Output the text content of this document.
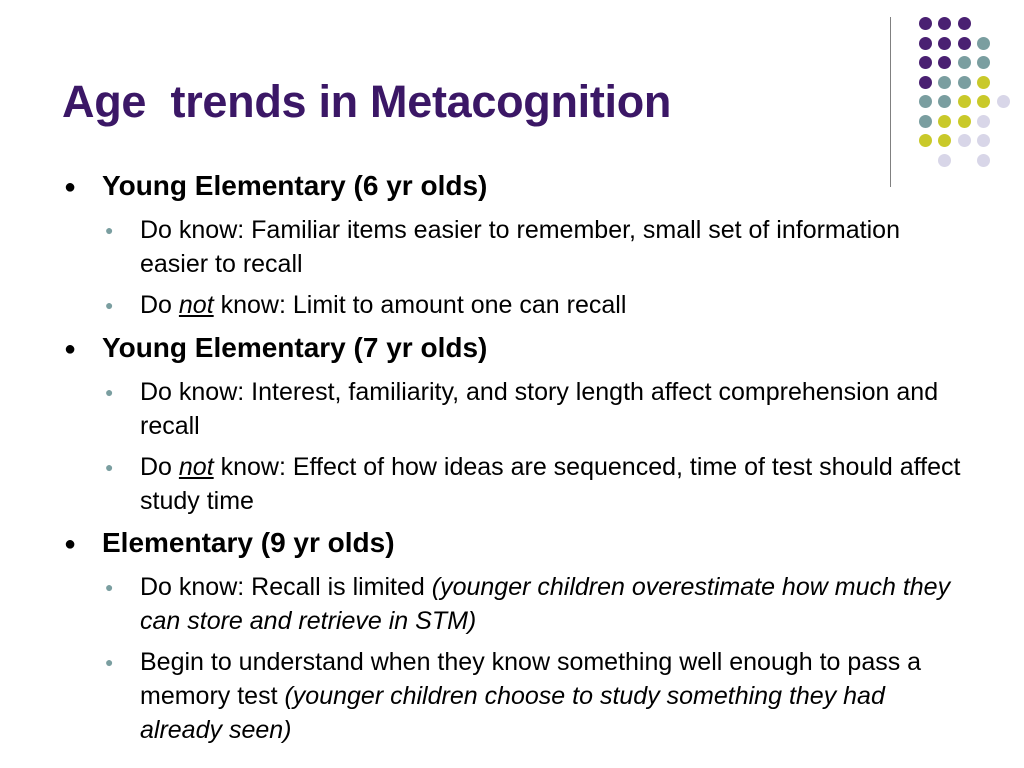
Age  trends in Metacognition
● Young Elementary (6 yr olds)
● Do know: Familiar items easier to remember, small set of information easier to recall
● Do not know: Limit to amount one can recall
● Young Elementary (7 yr olds)
● Do know: Interest, familiarity, and story length affect comprehension and recall
● Do not know: Effect of how ideas are sequenced, time of test should affect study time
● Elementary (9 yr olds)
● Do know: Recall is limited (younger children overestimate how much they can store and retrieve in STM)
● Begin to understand when they know something well enough to pass a memory test (younger children choose to study something they had already seen)
